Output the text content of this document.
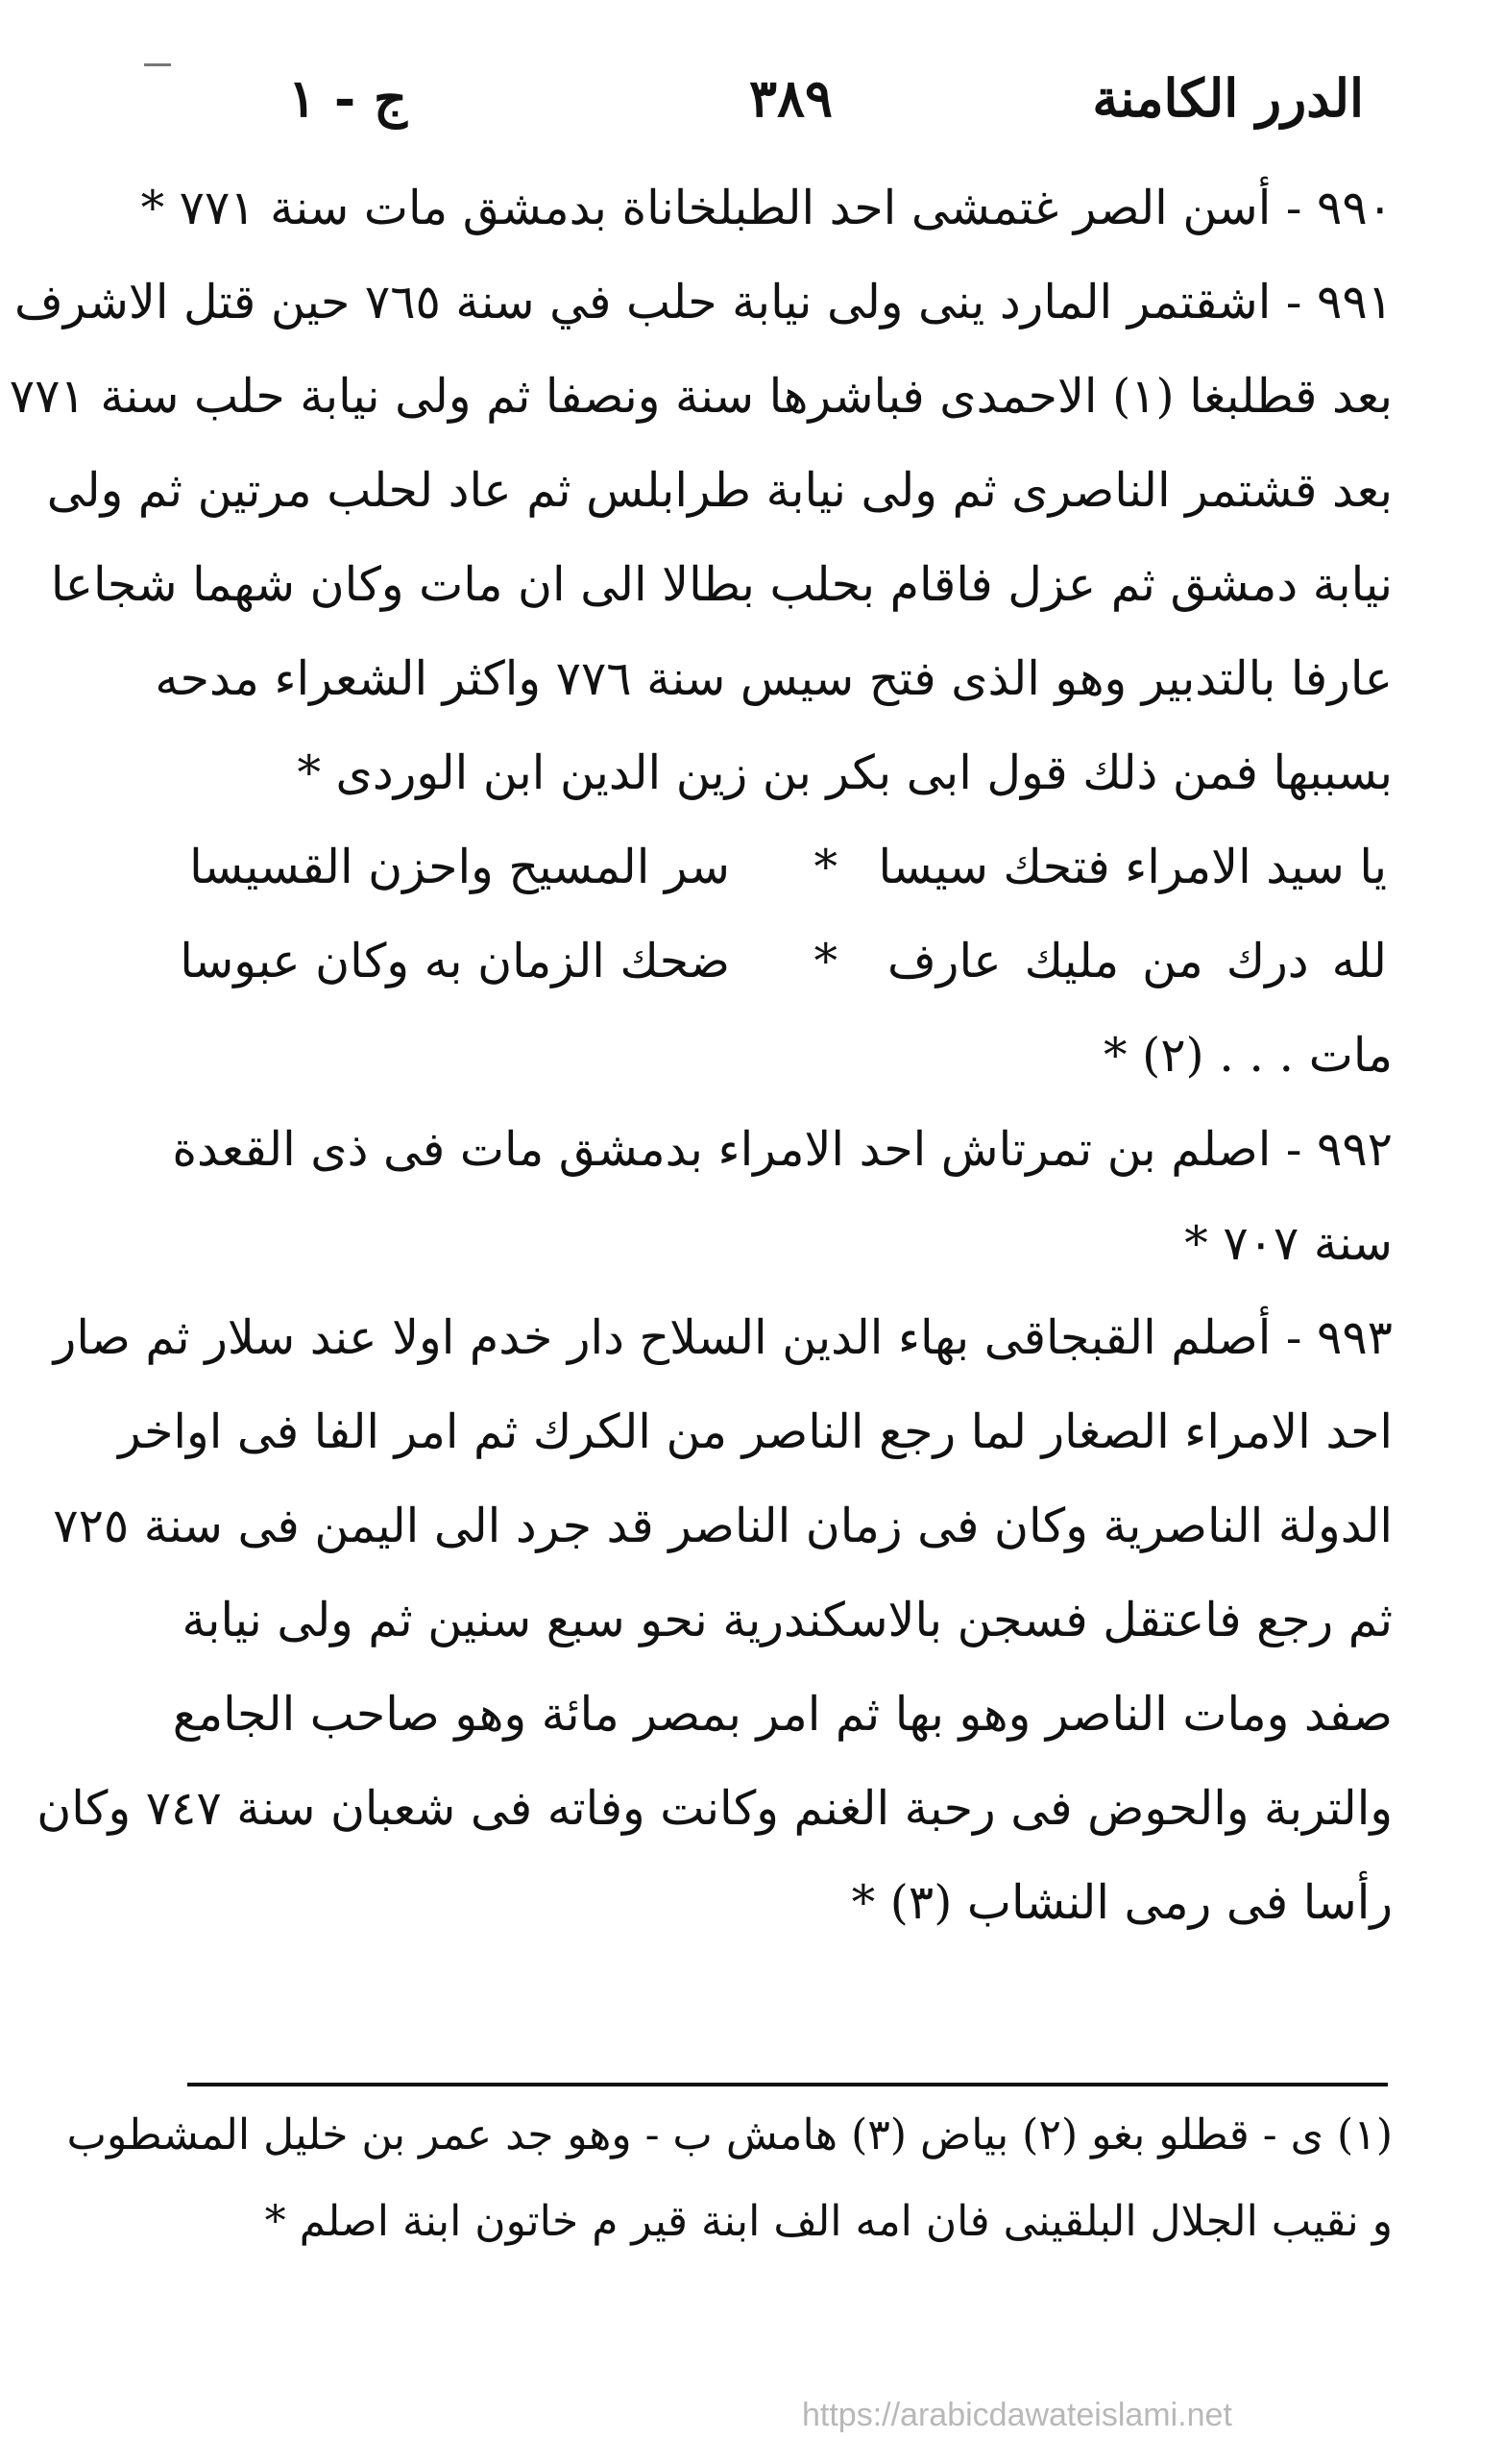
الدرر الكامنة
٣٨٩
ج - ١
٩٩٠ - أسن الصر غتمشى احد الطبلخاناة بدمشق مات سنة ٧٧١ *
٩٩١ - اشقتمر المارد ينى ولى نيابة حلب في سنة ٧٦٥ حين قتل الاشرف
بعد قطلبغا (١) الاحمدى فباشرها سنة ونصفا ثم ولى نيابة حلب سنة ٧٧١
بعد قشتمر الناصرى ثم ولى نيابة طرابلس ثم عاد لحلب مرتين ثم ولى
نيابة دمشق ثم عزل فاقام بحلب بطالا الى ان مات وكان شهما شجاعا
عارفا بالتدبير وهو الذى فتح سيس سنة ٧٧٦ واكثر الشعراء مدحه
بسببها فمن ذلك قول ابى بكر بن زين الدين ابن الوردى *
يا سيد الامراء فتحك سيسا
*
سر المسيح واحزن القسيسا
لله درك من مليك عارف
*
ضحك الزمان به وكان عبوسا
مات . . . (٢) *
٩٩٢ - اصلم بن تمرتاش احد الامراء بدمشق مات فى ذى القعدة
سنة ٧٠٧ *
٩٩٣ - أصلم القبجاقى بهاء الدين السلاح دار خدم اولا عند سلار ثم صار
احد الامراء الصغار لما رجع الناصر من الكرك ثم امر الفا فى اواخر
الدولة الناصرية وكان فى زمان الناصر قد جرد الى اليمن فى سنة ٧٢٥
ثم رجع فاعتقل فسجن بالاسكندرية نحو سبع سنين ثم ولى نيابة
صفد ومات الناصر وهو بها ثم امر بمصر مائة وهو صاحب الجامع
والتربة والحوض فى رحبة الغنم وكانت وفاته فى شعبان سنة ٧٤٧ وكان
رأسا فى رمى النشاب (٣) *
(١) ى - قطلو بغو (٢) بياض (٣) هامش ب - وهو جد عمر بن خليل المشطوب
و نقيب الجلال البلقينى فان امه الف ابنة قير م خاتون ابنة اصلم *
https://arabicdawateislami.net
